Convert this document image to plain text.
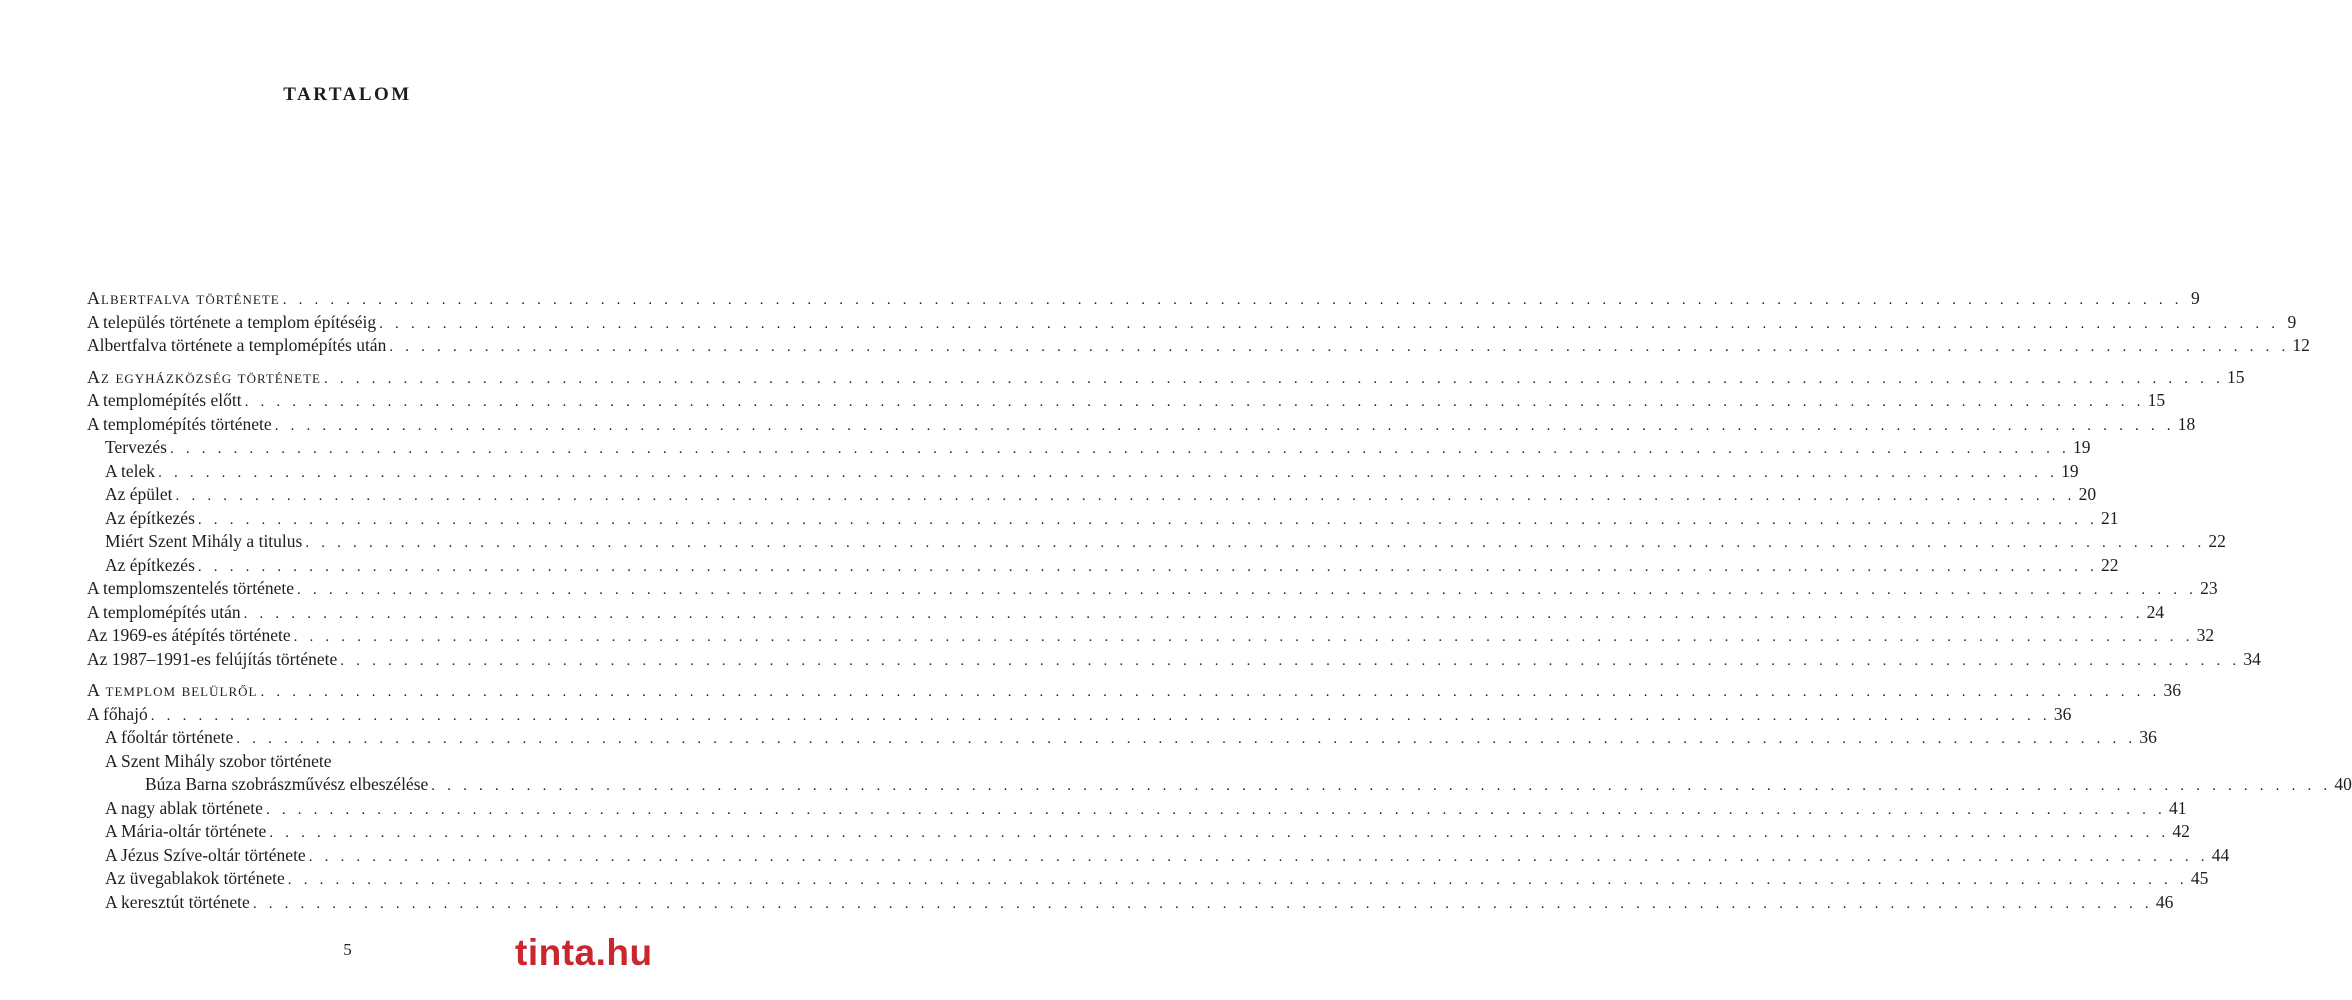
TARTALOM
Albertfalva története . . . . . . . . . . . . . . . . . . . . . . . . . . . . . . . . . . . . . . . . . . . . . . . . . . . . . . . . . . . . . . . . . . . . . . . . . . . . . . . . . . . . . . . . . . . . . . . . . . . . . . . . . . . . . . . . . . . . . . . . 9
A település története a templom építéséig . . . . . . . . . . . . . . . . . . . . . . . . . . . . . . . . . . . . . . . . . . . . . . . . . . . . . . . . . . . . . . . . . . . . . . . . . . . . . . . . . . . . . . . . . . . . . . . . . . . . . . . . . . . . . . . . . . . . . . . . 9
Albertfalva története a templomépítés után . . . . . . . . . . . . . . . . . . . . . . . . . . . . . . . . . . . . . . . . . . . . . . . . . . . . . . . . . . . . . . . . . . . . . . . . . . . . . . . . . . . . . . . . . . . . . . . . . . . . . . . . . . . . . . . . . . . . . . . . 12
Az egyházközség története . . . . . . . . . . . . . . . . . . . . . . . . . . . . . . . . . . . . . . . . . . . . . . . . . . . . . . . . . . . . . . . . . . . . . . . . . . . . . . . . . . . . . . . . . . . . . . . . . . . . . . . . . . . . . . . . . . . . . . . . 15
A templomépítés előtt . . . . . . . . . . . . . . . . . . . . . . . . . . . . . . . . . . . . . . . . . . . . . . . . . . . . . . . . . . . . . . . . . . . . . . . . . . . . . . . . . . . . . . . . . . . . . . . . . . . . . . . . . . . . . . . . . . . . . . . . 15
A templomépítés története . . . . . . . . . . . . . . . . . . . . . . . . . . . . . . . . . . . . . . . . . . . . . . . . . . . . . . . . . . . . . . . . . . . . . . . . . . . . . . . . . . . . . . . . . . . . . . . . . . . . . . . . . . . . . . . . . . . . . . . . 18
Tervezés . . . . . . . . . . . . . . . . . . . . . . . . . . . . . . . . . . . . . . . . . . . . . . . . . . . . . . . . . . . . . . . . . . . . . . . . . . . . . . . . . . . . . . . . . . . . . . . . . . . . . . . . . . . . . . . . . . . . . . . . 19
A telek . . . . . . . . . . . . . . . . . . . . . . . . . . . . . . . . . . . . . . . . . . . . . . . . . . . . . . . . . . . . . . . . . . . . . . . . . . . . . . . . . . . . . . . . . . . . . . . . . . . . . . . . . . . . . . . . . . . . . . . . 19
Az épület . . . . . . . . . . . . . . . . . . . . . . . . . . . . . . . . . . . . . . . . . . . . . . . . . . . . . . . . . . . . . . . . . . . . . . . . . . . . . . . . . . . . . . . . . . . . . . . . . . . . . . . . . . . . . . . . . . . . . . . . 20
Az építkezés . . . . . . . . . . . . . . . . . . . . . . . . . . . . . . . . . . . . . . . . . . . . . . . . . . . . . . . . . . . . . . . . . . . . . . . . . . . . . . . . . . . . . . . . . . . . . . . . . . . . . . . . . . . . . . . . . . . . . . . . 21
Miért Szent Mihály a titulus . . . . . . . . . . . . . . . . . . . . . . . . . . . . . . . . . . . . . . . . . . . . . . . . . . . . . . . . . . . . . . . . . . . . . . . . . . . . . . . . . . . . . . . . . . . . . . . . . . . . . . . . . . . . . . . . . . . . . . . . 22
Az építkezés . . . . . . . . . . . . . . . . . . . . . . . . . . . . . . . . . . . . . . . . . . . . . . . . . . . . . . . . . . . . . . . . . . . . . . . . . . . . . . . . . . . . . . . . . . . . . . . . . . . . . . . . . . . . . . . . . . . . . . . . 22
A templomszentelés története . . . . . . . . . . . . . . . . . . . . . . . . . . . . . . . . . . . . . . . . . . . . . . . . . . . . . . . . . . . . . . . . . . . . . . . . . . . . . . . . . . . . . . . . . . . . . . . . . . . . . . . . . . . . . . . . . . . . . . . . 23
A templomépítés után . . . . . . . . . . . . . . . . . . . . . . . . . . . . . . . . . . . . . . . . . . . . . . . . . . . . . . . . . . . . . . . . . . . . . . . . . . . . . . . . . . . . . . . . . . . . . . . . . . . . . . . . . . . . . . . . . . . . . . . . 24
Az 1969-es átépítés története . . . . . . . . . . . . . . . . . . . . . . . . . . . . . . . . . . . . . . . . . . . . . . . . . . . . . . . . . . . . . . . . . . . . . . . . . . . . . . . . . . . . . . . . . . . . . . . . . . . . . . . . . . . . . . . . . . . . . . . . 32
Az 1987–1991-es felújítás története . . . . . . . . . . . . . . . . . . . . . . . . . . . . . . . . . . . . . . . . . . . . . . . . . . . . . . . . . . . . . . . . . . . . . . . . . . . . . . . . . . . . . . . . . . . . . . . . . . . . . . . . . . . . . . . . . . . . . . . . 34
A templom belülről . . . . . . . . . . . . . . . . . . . . . . . . . . . . . . . . . . . . . . . . . . . . . . . . . . . . . . . . . . . . . . . . . . . . . . . . . . . . . . . . . . . . . . . . . . . . . . . . . . . . . . . . . . . . . . . . . . . . . . . . 36
A főhajó . . . . . . . . . . . . . . . . . . . . . . . . . . . . . . . . . . . . . . . . . . . . . . . . . . . . . . . . . . . . . . . . . . . . . . . . . . . . . . . . . . . . . . . . . . . . . . . . . . . . . . . . . . . . . . . . . . . . . . . . 36
A főoltár története . . . . . . . . . . . . . . . . . . . . . . . . . . . . . . . . . . . . . . . . . . . . . . . . . . . . . . . . . . . . . . . . . . . . . . . . . . . . . . . . . . . . . . . . . . . . . . . . . . . . . . . . . . . . . . . . . . . . . . . . 36
A Szent Mihály szobor története
Búza Barna szobrászművész elbeszélése . . . . . . . . . . . . . . . . . . . . . . . . . . . . . . . . . . . . . . . . . . . . . . . . . . . . . . . . . . . . . . . . . . . . . . . . . . . . . . . . . . . . . . . . . . . . . . . . . . . . . . . . . . . . . . . . . . . . . . . . 40
A nagy ablak története . . . . . . . . . . . . . . . . . . . . . . . . . . . . . . . . . . . . . . . . . . . . . . . . . . . . . . . . . . . . . . . . . . . . . . . . . . . . . . . . . . . . . . . . . . . . . . . . . . . . . . . . . . . . . . . . . . . . . . . . 41
A Mária-oltár története . . . . . . . . . . . . . . . . . . . . . . . . . . . . . . . . . . . . . . . . . . . . . . . . . . . . . . . . . . . . . . . . . . . . . . . . . . . . . . . . . . . . . . . . . . . . . . . . . . . . . . . . . . . . . . . . . . . . . . . . 42
A Jézus Szíve-oltár története . . . . . . . . . . . . . . . . . . . . . . . . . . . . . . . . . . . . . . . . . . . . . . . . . . . . . . . . . . . . . . . . . . . . . . . . . . . . . . . . . . . . . . . . . . . . . . . . . . . . . . . . . . . . . . . . . . . . . . . . 44
Az üvegablakok története . . . . . . . . . . . . . . . . . . . . . . . . . . . . . . . . . . . . . . . . . . . . . . . . . . . . . . . . . . . . . . . . . . . . . . . . . . . . . . . . . . . . . . . . . . . . . . . . . . . . . . . . . . . . . . . . . . . . . . . . 45
A keresztút története . . . . . . . . . . . . . . . . . . . . . . . . . . . . . . . . . . . . . . . . . . . . . . . . . . . . . . . . . . . . . . . . . . . . . . . . . . . . . . . . . . . . . . . . . . . . . . . . . . . . . . . . . . . . . . . . . . . . . . . . 46
5	tinta.hu
